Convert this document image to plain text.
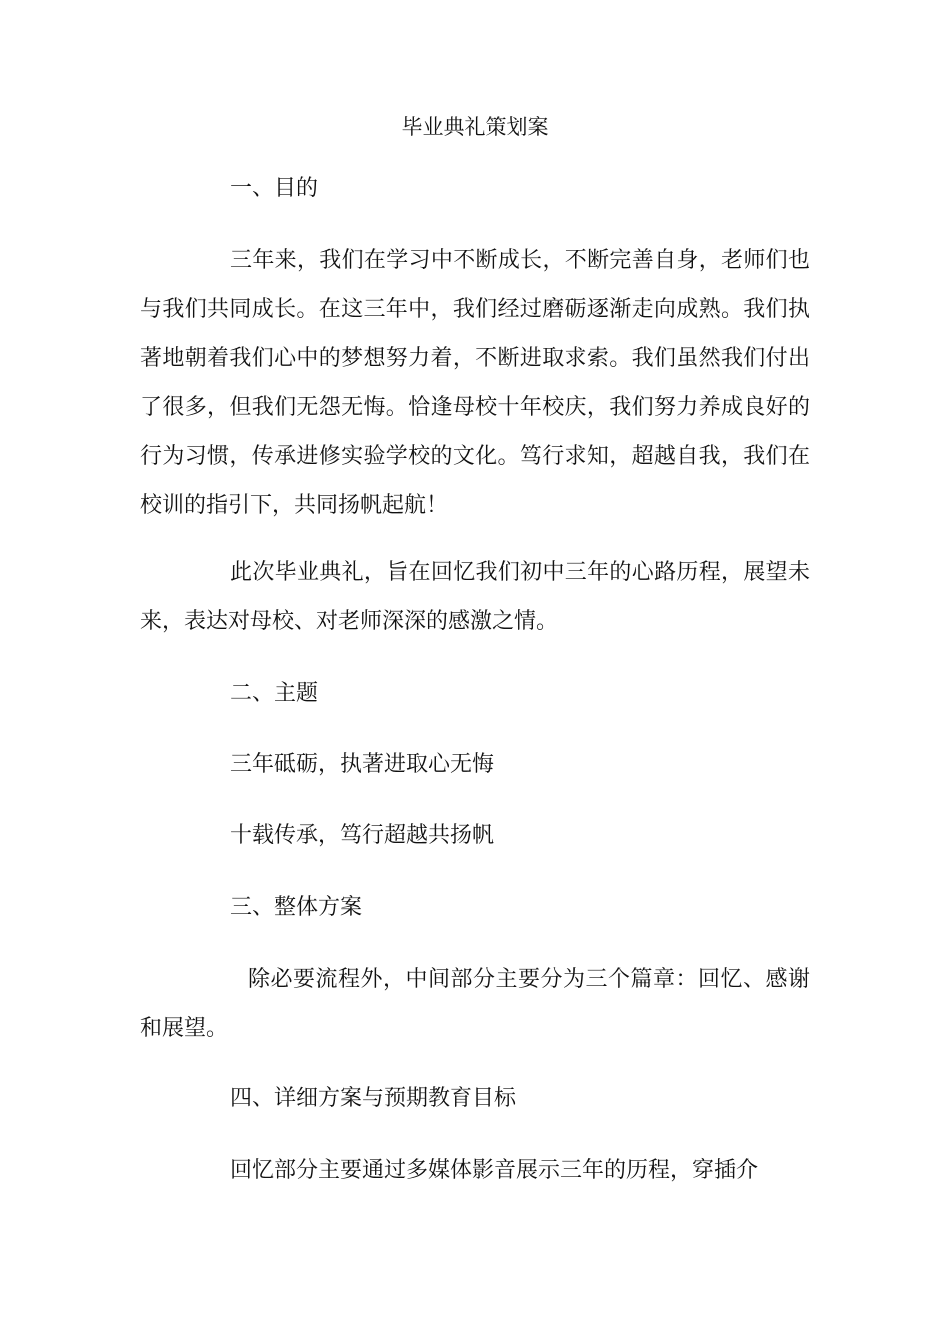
毕业典礼策划案
一、目的
三年来，我们在学习中不断成长，不断完善自身，老师们也与我们共同成长。在这三年中，我们经过磨砺逐渐走向成熟。我们执著地朝着我们心中的梦想努力着，不断进取求索。我们虽然我们付出了很多，但我们无怨无悔。恰逢母校十年校庆，我们努力养成良好的行为习惯，传承进修实验学校的文化。笃行求知，超越自我，我们在校训的指引下，共同扬帆起航！
此次毕业典礼，旨在回忆我们初中三年的心路历程，展望未来，表达对母校、对老师深深的感激之情。
二、主题
三年砥砺，执著进取心无悔
十载传承，笃行超越共扬帆
三、整体方案
除必要流程外，中间部分主要分为三个篇章：回忆、感谢和展望。
四、详细方案与预期教育目标
回忆部分主要通过多媒体影音展示三年的历程，穿插介
